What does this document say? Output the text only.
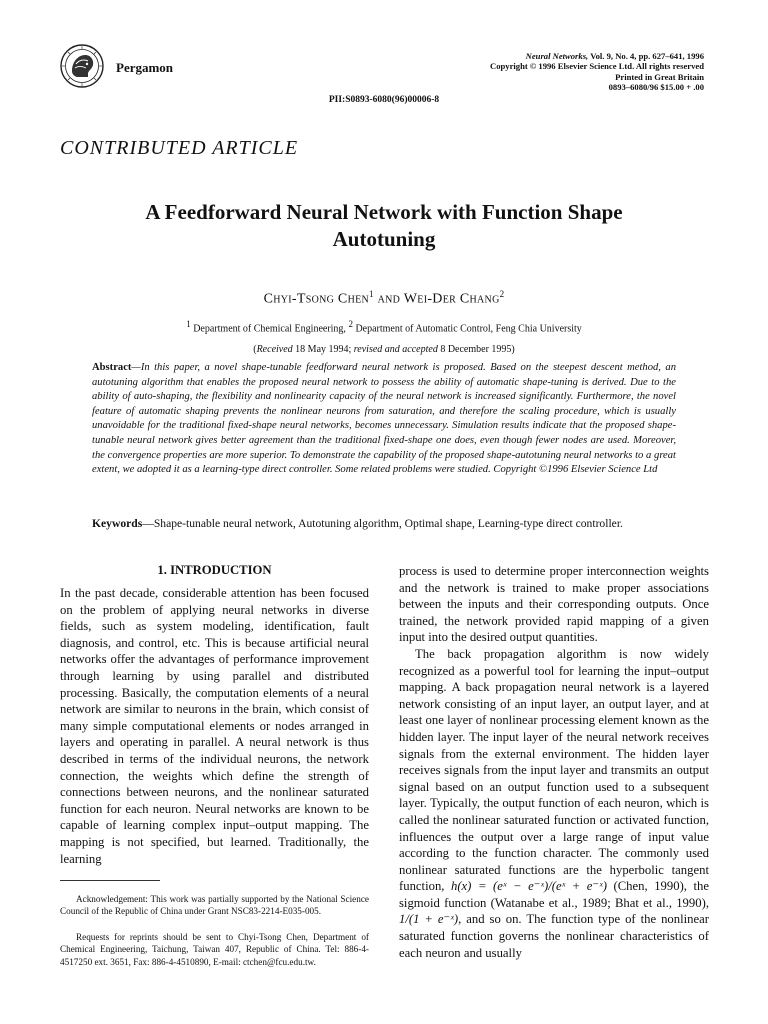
Pergamon
Neural Networks, Vol. 9, No. 4, pp. 627–641, 1996
Copyright © 1996 Elsevier Science Ltd. All rights reserved
Printed in Great Britain
0893–6080/96 $15.00 + .00
PII:S0893-6080(96)00006-8
CONTRIBUTED ARTICLE
A Feedforward Neural Network with Function Shape
Autotuning
Chyi-Tsong Chen$^1$ and Wei-Der Chang$^2$
$^1$ Department of Chemical Engineering, $^2$ Department of Automatic Control, Feng Chia University
(Received 18 May 1994; revised and accepted 8 December 1995)
Abstract—In this paper, a novel shape-tunable feedforward neural network is proposed. Based on the steepest descent method, an autotuning algorithm that enables the proposed neural network to possess the ability of automatic shape-tuning is derived. Due to the ability of auto-shaping, the flexibility and nonlinearity capacity of the neural network is increased significantly. Furthermore, the novel feature of automatic shaping prevents the nonlinear neurons from saturation, and therefore the scaling procedure, which is usually unavoidable for the traditional fixed-shape neural networks, becomes unnecessary. Simulation results indicate that the proposed shape-tunable neural network gives better agreement than the traditional fixed-shape one does, even though fewer nodes are used. Moreover, the convergence properties are more superior. To demonstrate the capability of the proposed shape-autotuning neural networks to a great extent, we adopted it as a learning-type direct controller. Some related problems were studied. Copyright ©1996 Elsevier Science Ltd
Keywords—Shape-tunable neural network, Autotuning algorithm, Optimal shape, Learning-type direct controller.
1. INTRODUCTION

In the past decade, considerable attention has been focused on the problem of applying neural networks in diverse fields, such as system modeling, identification, fault diagnosis, and control, etc. This is because artificial neural networks offer the advantages of performance improvement through learning by using parallel and distributed processing. Basically, the computation elements of a neural network are similar to neurons in the brain, which consist of many simple computational elements or nodes arranged in layers and operating in parallel. A neural network is thus described in terms of the individual neurons, the network connection, the weights which define the strength of connections between neurons, and the nonlinear saturated function for each neuron. Neural networks are known to be capable of learning complex input–output mapping. The mapping is not specified, but learned. Traditionally, the learning

Acknowledgement: This work was partially supported by the National Science Council of the Republic of China under Grant NSC83-2214-E035-005.
Requests for reprints should be sent to Chyi-Tsong Chen, Department of Chemical Engineering, Taichung, Taiwan 407, Republic of China. Tel: 886-4-4517250 ext. 3651, Fax: 886-4-4510890, E-mail: ctchen@fcu.edu.tw.

process is used to determine proper interconnection weights and the network is trained to make proper associations between the inputs and their corresponding outputs. Once trained, the network provided rapid mapping of a given input into the desired output quantities.

The back propagation algorithm is now widely recognized as a powerful tool for learning the input–output mapping. A back propagation neural network is a layered network consisting of an input layer, an output layer, and at least one layer of nonlinear processing element known as the hidden layer. The input layer of the neural network receives signals from the external environment. The hidden layer receives signals from the input layer and transmits an output signal based on an output function used to a subsequent layer. Typically, the output function of each neuron, which is called the nonlinear saturated function or activated function, influences the output over a large range of input value according to the function character. The commonly used nonlinear saturated functions are the hyperbolic tangent function, h(x) = (eˣ − e⁻ˣ)/(eˣ + e⁻ˣ) (Chen, 1990), the sigmoid function (Watanabe et al., 1989; Bhat et al., 1990), 1/(1 + e⁻ˣ), and so on. The function type of the nonlinear saturated function governs the nonlinear characteristics of each neuron and usually
